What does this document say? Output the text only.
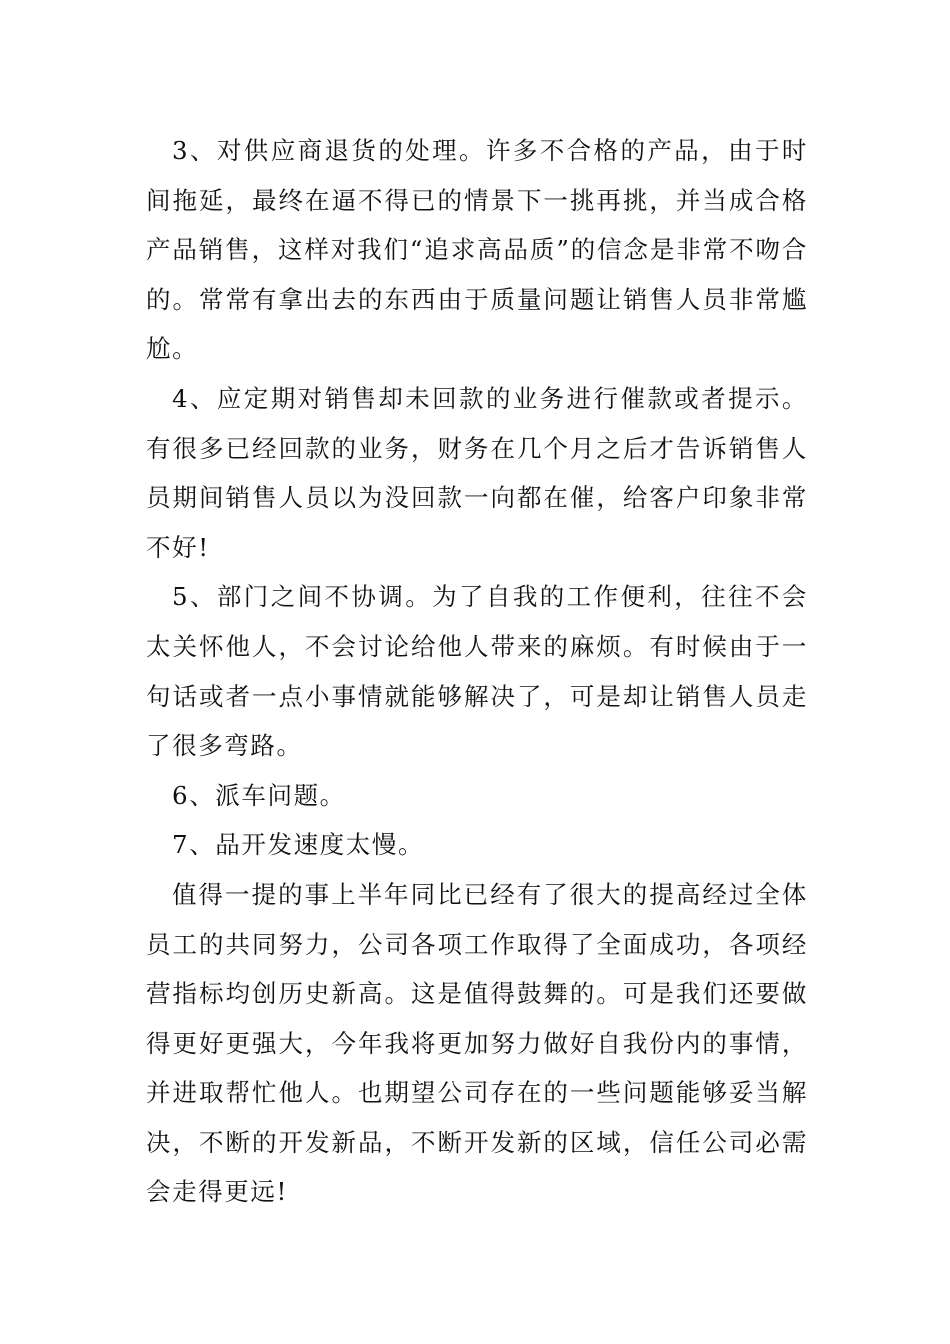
3、对供应商退货的处理。许多不合格的产品，由于时间拖延，最终在逼不得已的情景下一挑再挑，并当成合格产品销售，这样对我们“追求高品质”的信念是非常不吻合的。常常有拿出去的东西由于质量问题让销售人员非常尴尬。

4、应定期对销售却未回款的业务进行催款或者提示。有很多已经回款的业务，财务在几个月之后才告诉销售人员期间销售人员以为没回款一向都在催，给客户印象非常不好!

5、部门之间不协调。为了自我的工作便利，往往不会太关怀他人，不会讨论给他人带来的麻烦。有时候由于一句话或者一点小事情就能够解决了，可是却让销售人员走了很多弯路。

6、派车问题。

7、品开发速度太慢。

值得一提的事上半年同比已经有了很大的提高经过全体员工的共同努力，公司各项工作取得了全面成功，各项经营指标均创历史新高。这是值得鼓舞的。可是我们还要做得更好更强大，今年我将更加努力做好自我份内的事情，并进取帮忙他人。也期望公司存在的一些问题能够妥当解决，不断的开发新品，不断开发新的区域，信任公司必需会走得更远!
